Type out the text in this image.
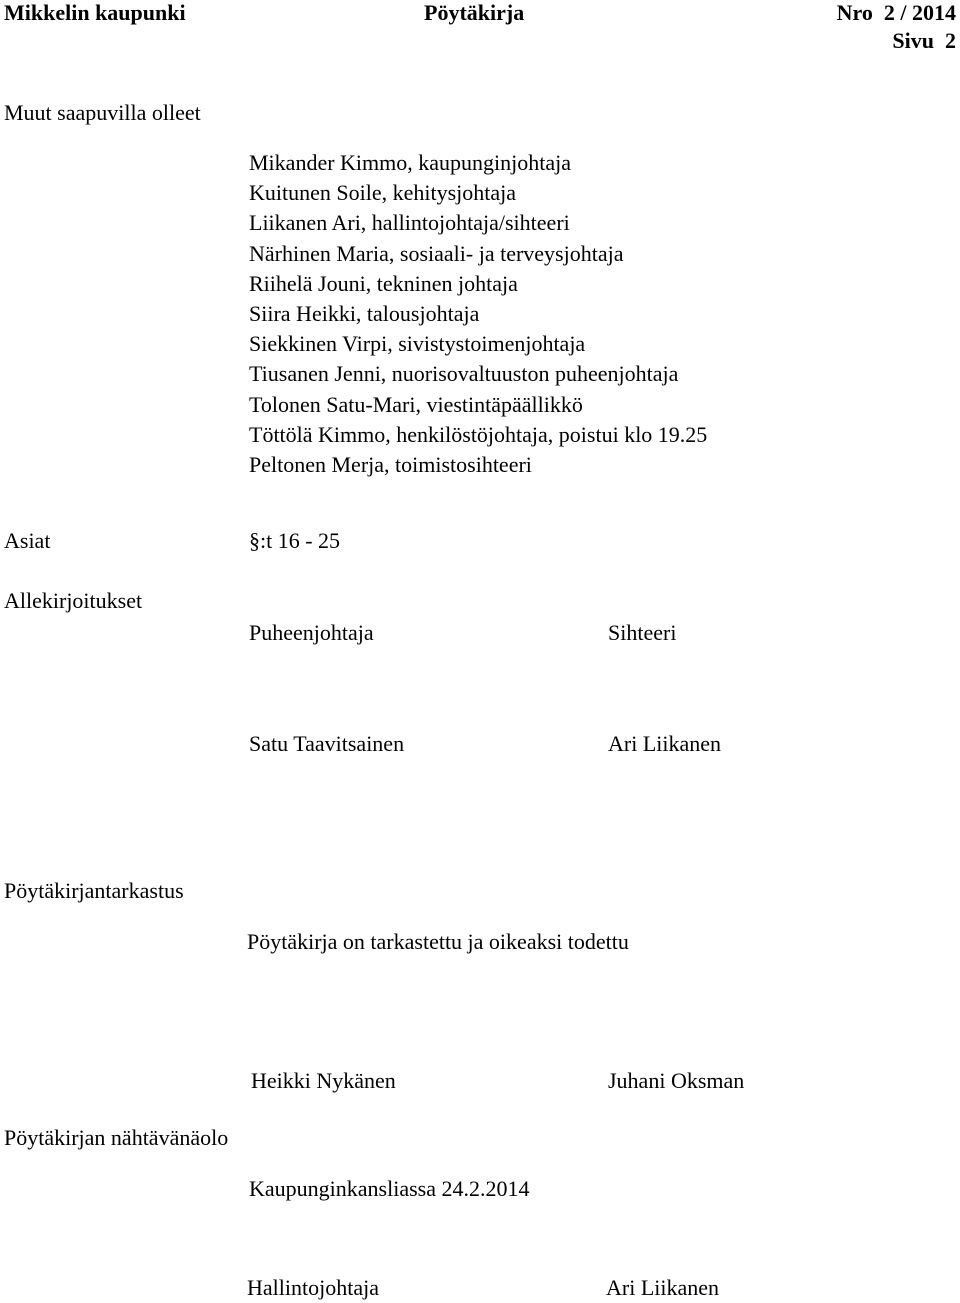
Mikkelin kaupunki	Pöytäkirja	Nro  2 / 2014
Sivu  2
Muut saapuvilla olleet
Mikander Kimmo, kaupunginjohtaja
Kuitunen Soile, kehitysjohtaja
Liikanen Ari, hallintojohtaja/sihteeri
Närhinen Maria, sosiaali- ja terveysjohtaja
Riihelä Jouni, tekninen johtaja
Siira Heikki, talousjohtaja
Siekkinen Virpi, sivistystoimenjohtaja
Tiusanen Jenni, nuorisovaltuuston puheenjohtaja
Tolonen Satu-Mari, viestintäpäällikkö
Töttölä Kimmo, henkilöstöjohtaja, poistui klo 19.25
Peltonen Merja, toimistosihteeri
Asiat	§:t 16 - 25
Allekirjoitukset
Puheenjohtaja	Sihteeri
Satu Taavitsainen	Ari Liikanen
Pöytäkirjantarkastus
Pöytäkirja on tarkastettu ja oikeaksi todettu
Heikki Nykänen	Juhani Oksman
Pöytäkirjan nähtävänäolo
Kaupunginkansliassa 24.2.2014
Hallintojohtaja	Ari Liikanen
